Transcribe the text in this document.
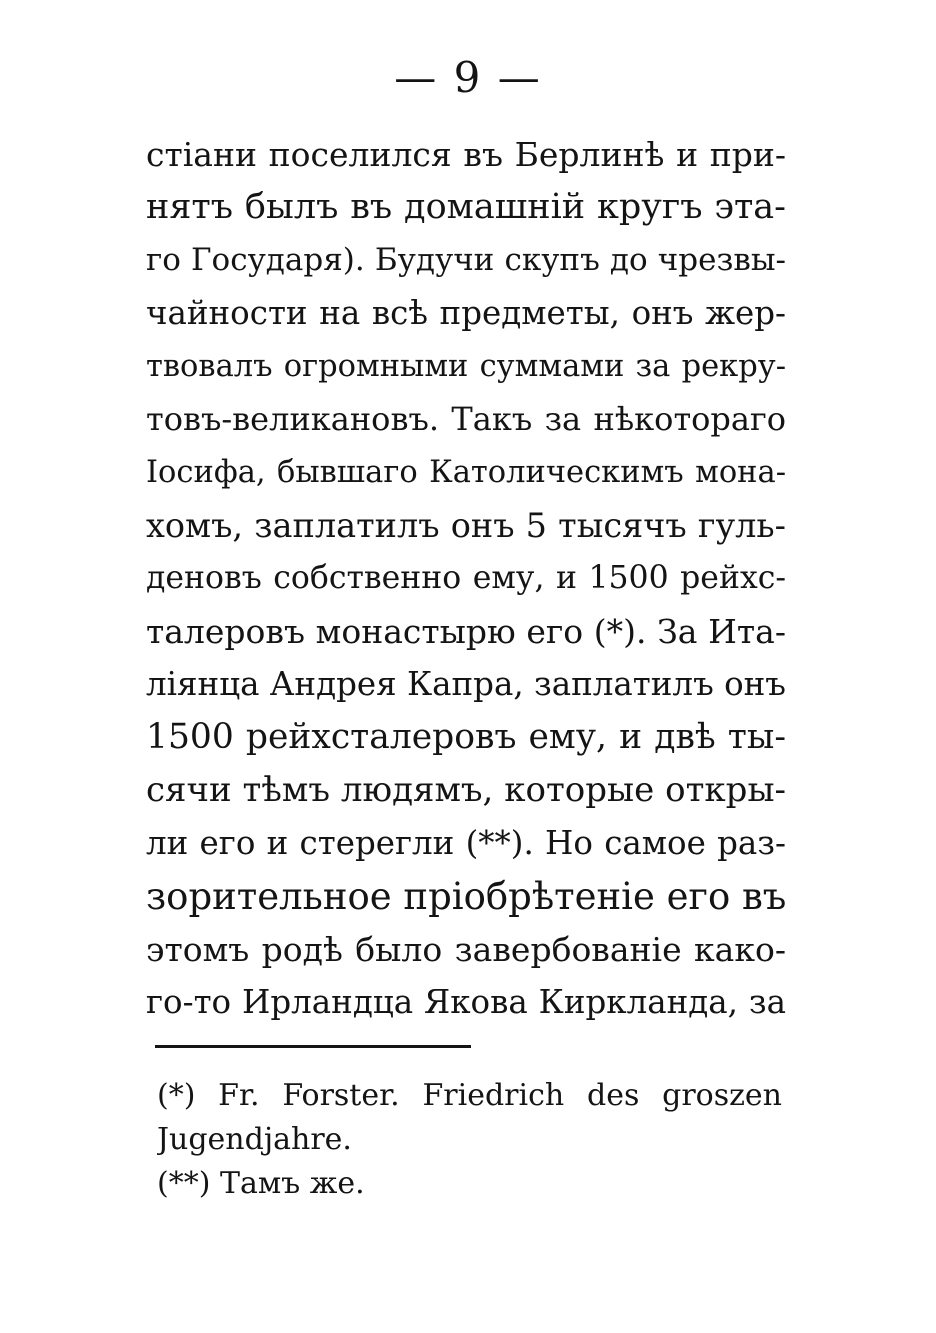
— 9 —
стіани поселился въ Берлинѣ и при-
нятъ былъ въ домашній кругъ эта-
го Государя). Будучи скупъ до чрезвы-
чайности на всѣ предметы, онъ жер-
твовалъ огромными суммами за рекру-
товъ-великановъ. Такъ за нѣкотораго
Іосифа, бывшаго Католическимъ мона-
хомъ, заплатилъ онъ 5 тысячъ гуль-
деновъ собственно ему, и 1500 рейхс-
талеровъ монастырю его (*). За Ита-
ліянца Андрея Капра, заплатилъ онъ
1500 рейхсталеровъ ему, и двѣ ты-
сячи тѣмъ людямъ, которые откры-
ли его и стерегли (**). Но самое раз-
зорительное пріобрѣтеніе его въ
этомъ родѣ было завербованіе како-
го-то Ирландца Якова Киркланда, за
(*) Fr. Forster. Friedrich des groszen
Jugendjahre.
(**) Тамъ же.
